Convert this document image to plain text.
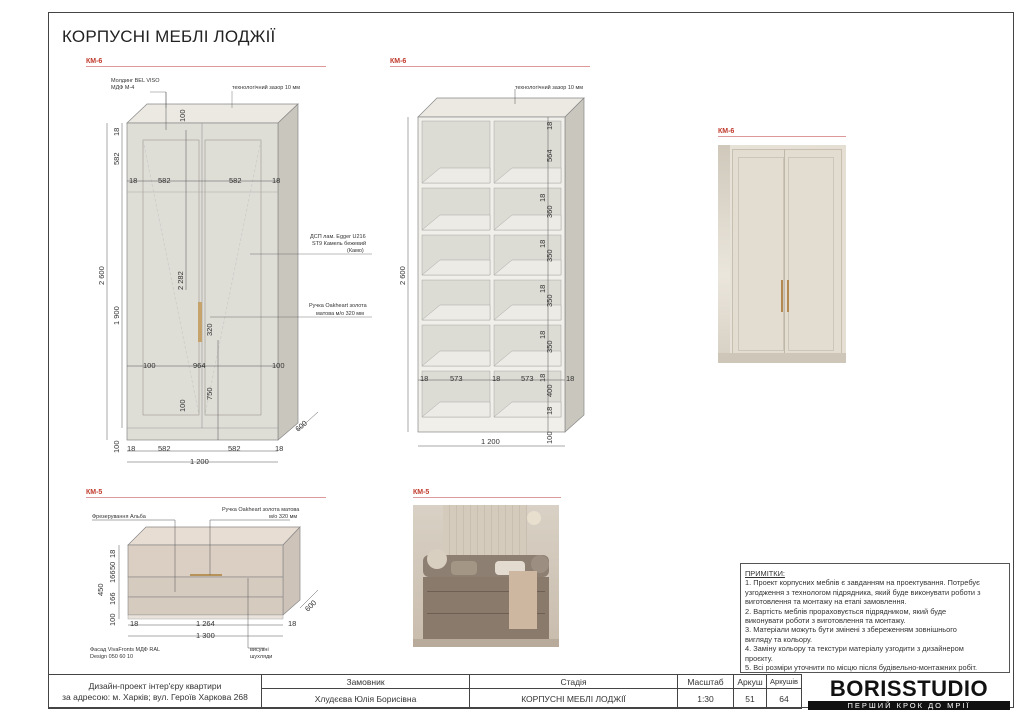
КОРПУСНІ МЕБЛІ ЛОДЖІЇ
КМ-6	КМ-6
КМ-6
КМ-5	КМ-5
2 600
582
1 900
2 282
320
750
100
18
100
100
18	582	582	18
100	964	100
18	582	582	18
1 200
600
Молдинг BEL VISO
МДФ М-4	технологічний зазор 10 мм
ДСП лам. Egger U216
ST9 Камель бежевий
(Камо)
Ручка Oakheart золота
матова м/о 320 мм
2 600
18
564
18
360
18
350
18
350
18
350
18
400
18
100
18	573	18	573	18
1 200
технологічний зазор 10 мм
18
50
166
166
450
100 18	1 264	18
1 300
600
Фрезерування Альба
Ручка Oakheart золота матова
м/о 320 мм
Фасад VivaFronts МДФ RAL
Design 050 60 10
висувні
шухляди
ПРИМІТКИ:
1. Проект корпусних меблів є завданням на проектування. Потребує
узгодження з технологом підрядника, який буде виконувати роботи з
виготовлення та монтажу на етапі замовлення.
2. Вартість меблів прораховується підрядником, який буде
виконувати роботи з виготовлення та монтажу.
3. Матеріали можуть бути змінені з збереженням зовнішнього
вигляду та кольору.
4. Заміну кольору та текстури матеріалу узгодити з дизайнером
проєкту.
5. Всі розміри уточнити по місцю після будівельно-монтажних робіт.
Дизайн-проект інтер'єру квартири
за адресою: м. Харків; вул. Героїв Харкова 268	Замовник	Стадія	Масштаб	Аркуш	Аркушів
	Хлудєєва Юлія Борисівна	КОРПУСНІ МЕБЛІ ЛОДЖІЇ	1:30	51	64	BORISSTUDIO
ПЕРШИЙ КРОК ДО МРІЇ
